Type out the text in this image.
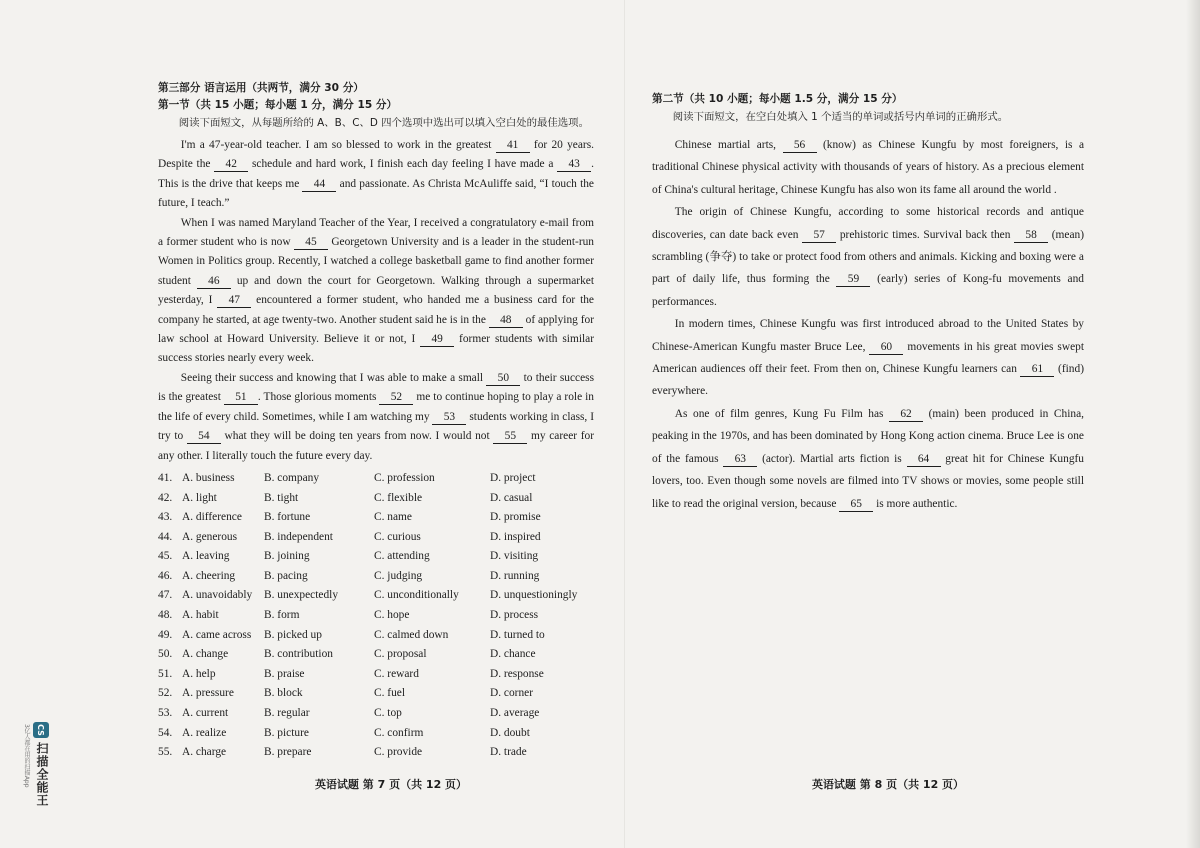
第三部分 语言运用（共两节，满分 30 分）
第一节（共 15 小题；每小题 1 分，满分 15 分）

阅读下面短文，从每题所给的 A、B、C、D 四个选项中选出可以填入空白处的最佳选项。

I'm a 47-year-old teacher. I am so blessed to work in the greatest 41 for 20 years. Despite the 42 schedule and hard work, I finish each day feeling I have made a 43 . This is the drive that keeps me 44 and passionate. As Christa McAuliffe said, “I touch the future, I teach.”

When I was named Maryland Teacher of the Year, I received a congratulatory e-mail from a former student who is now 45 Georgetown University and is a leader in the student-run Women in Politics group. Recently, I watched a college basketball game to find another former student 46 up and down the court for Georgetown. Walking through a supermarket yesterday, I 47 encountered a former student, who handed me a business card for the company he started, at age twenty-two. Another student said he is in the 48 of applying for law school at Howard University. Believe it or not, I 49 former students with similar success stories nearly every week.

Seeing their success and knowing that I was able to make a small 50 to their success is the greatest 51 . Those glorious moments 52 me to continue hoping to play a role in the life of every child. Sometimes, while I am watching my 53 students working in class, I try to 54 what they will be doing ten years from now. I would not 55 my career for any other. I literally touch the future every day.

41. A. business	B. company	C. profession	D. project
42. A. light	B. tight	C. flexible	D. casual
43. A. difference	B. fortune	C. name	D. promise
44. A. generous	B. independent	C. curious	D. inspired
45. A. leaving	B. joining	C. attending	D. visiting
46. A. cheering	B. pacing	C. judging	D. running
47. A. unavoidably	B. unexpectedly	C. unconditionally	D. unquestioningly
48. A. habit	B. form	C. hope	D. process
49. A. came across	B. picked up	C. calmed down	D. turned to
50. A. change	B. contribution	C. proposal	D. chance
51. A. help	B. praise	C. reward	D. response
52. A. pressure	B. block	C. fuel	D. corner
53. A. current	B. regular	C. top	D. average
54. A. realize	B. picture	C. confirm	D. doubt
55. A. charge	B. prepare	C. provide	D. trade
英语试题 第 7 页（共 12 页）
第二节（共 10 小题；每小题 1.5 分，满分 15 分）

阅读下面短文，在空白处填入 1 个适当的单词或括号内单词的正确形式。

Chinese martial arts, 56 (know) as Chinese Kungfu by most foreigners, is a traditional Chinese physical activity with thousands of years of history. As a precious element of China's cultural heritage, Chinese Kungfu has also won its fame all around the world .

The origin of Chinese Kungfu, according to some historical records and antique discoveries, can date back even 57 prehistoric times. Survival back then 58 (mean) scrambling (争夺) to take or protect food from others and animals. Kicking and boxing were a part of daily life, thus forming the 59 (early) series of Kong-fu movements and performances.

In modern times, Chinese Kungfu was first introduced abroad to the United States by Chinese-American Kungfu master Bruce Lee, 60 movements in his great movies swept American audiences off their feet. From then on, Chinese Kungfu learners can 61 (find) everywhere.

As one of film genres, Kung Fu Film has 62 (main) been produced in China, peaking in the 1970s, and has been dominated by Hong Kong action cinema. Bruce Lee is one of the famous 63 (actor). Martial arts fiction is 64 great hit for Chinese Kungfu lovers, too. Even though some novels are filmed into TV shows or movies, some people still like to read the original version, because 65 is more authentic.

英语试题 第 8 页（共 12 页）
CS
扫描全能王
3亿人都在用的扫描App
